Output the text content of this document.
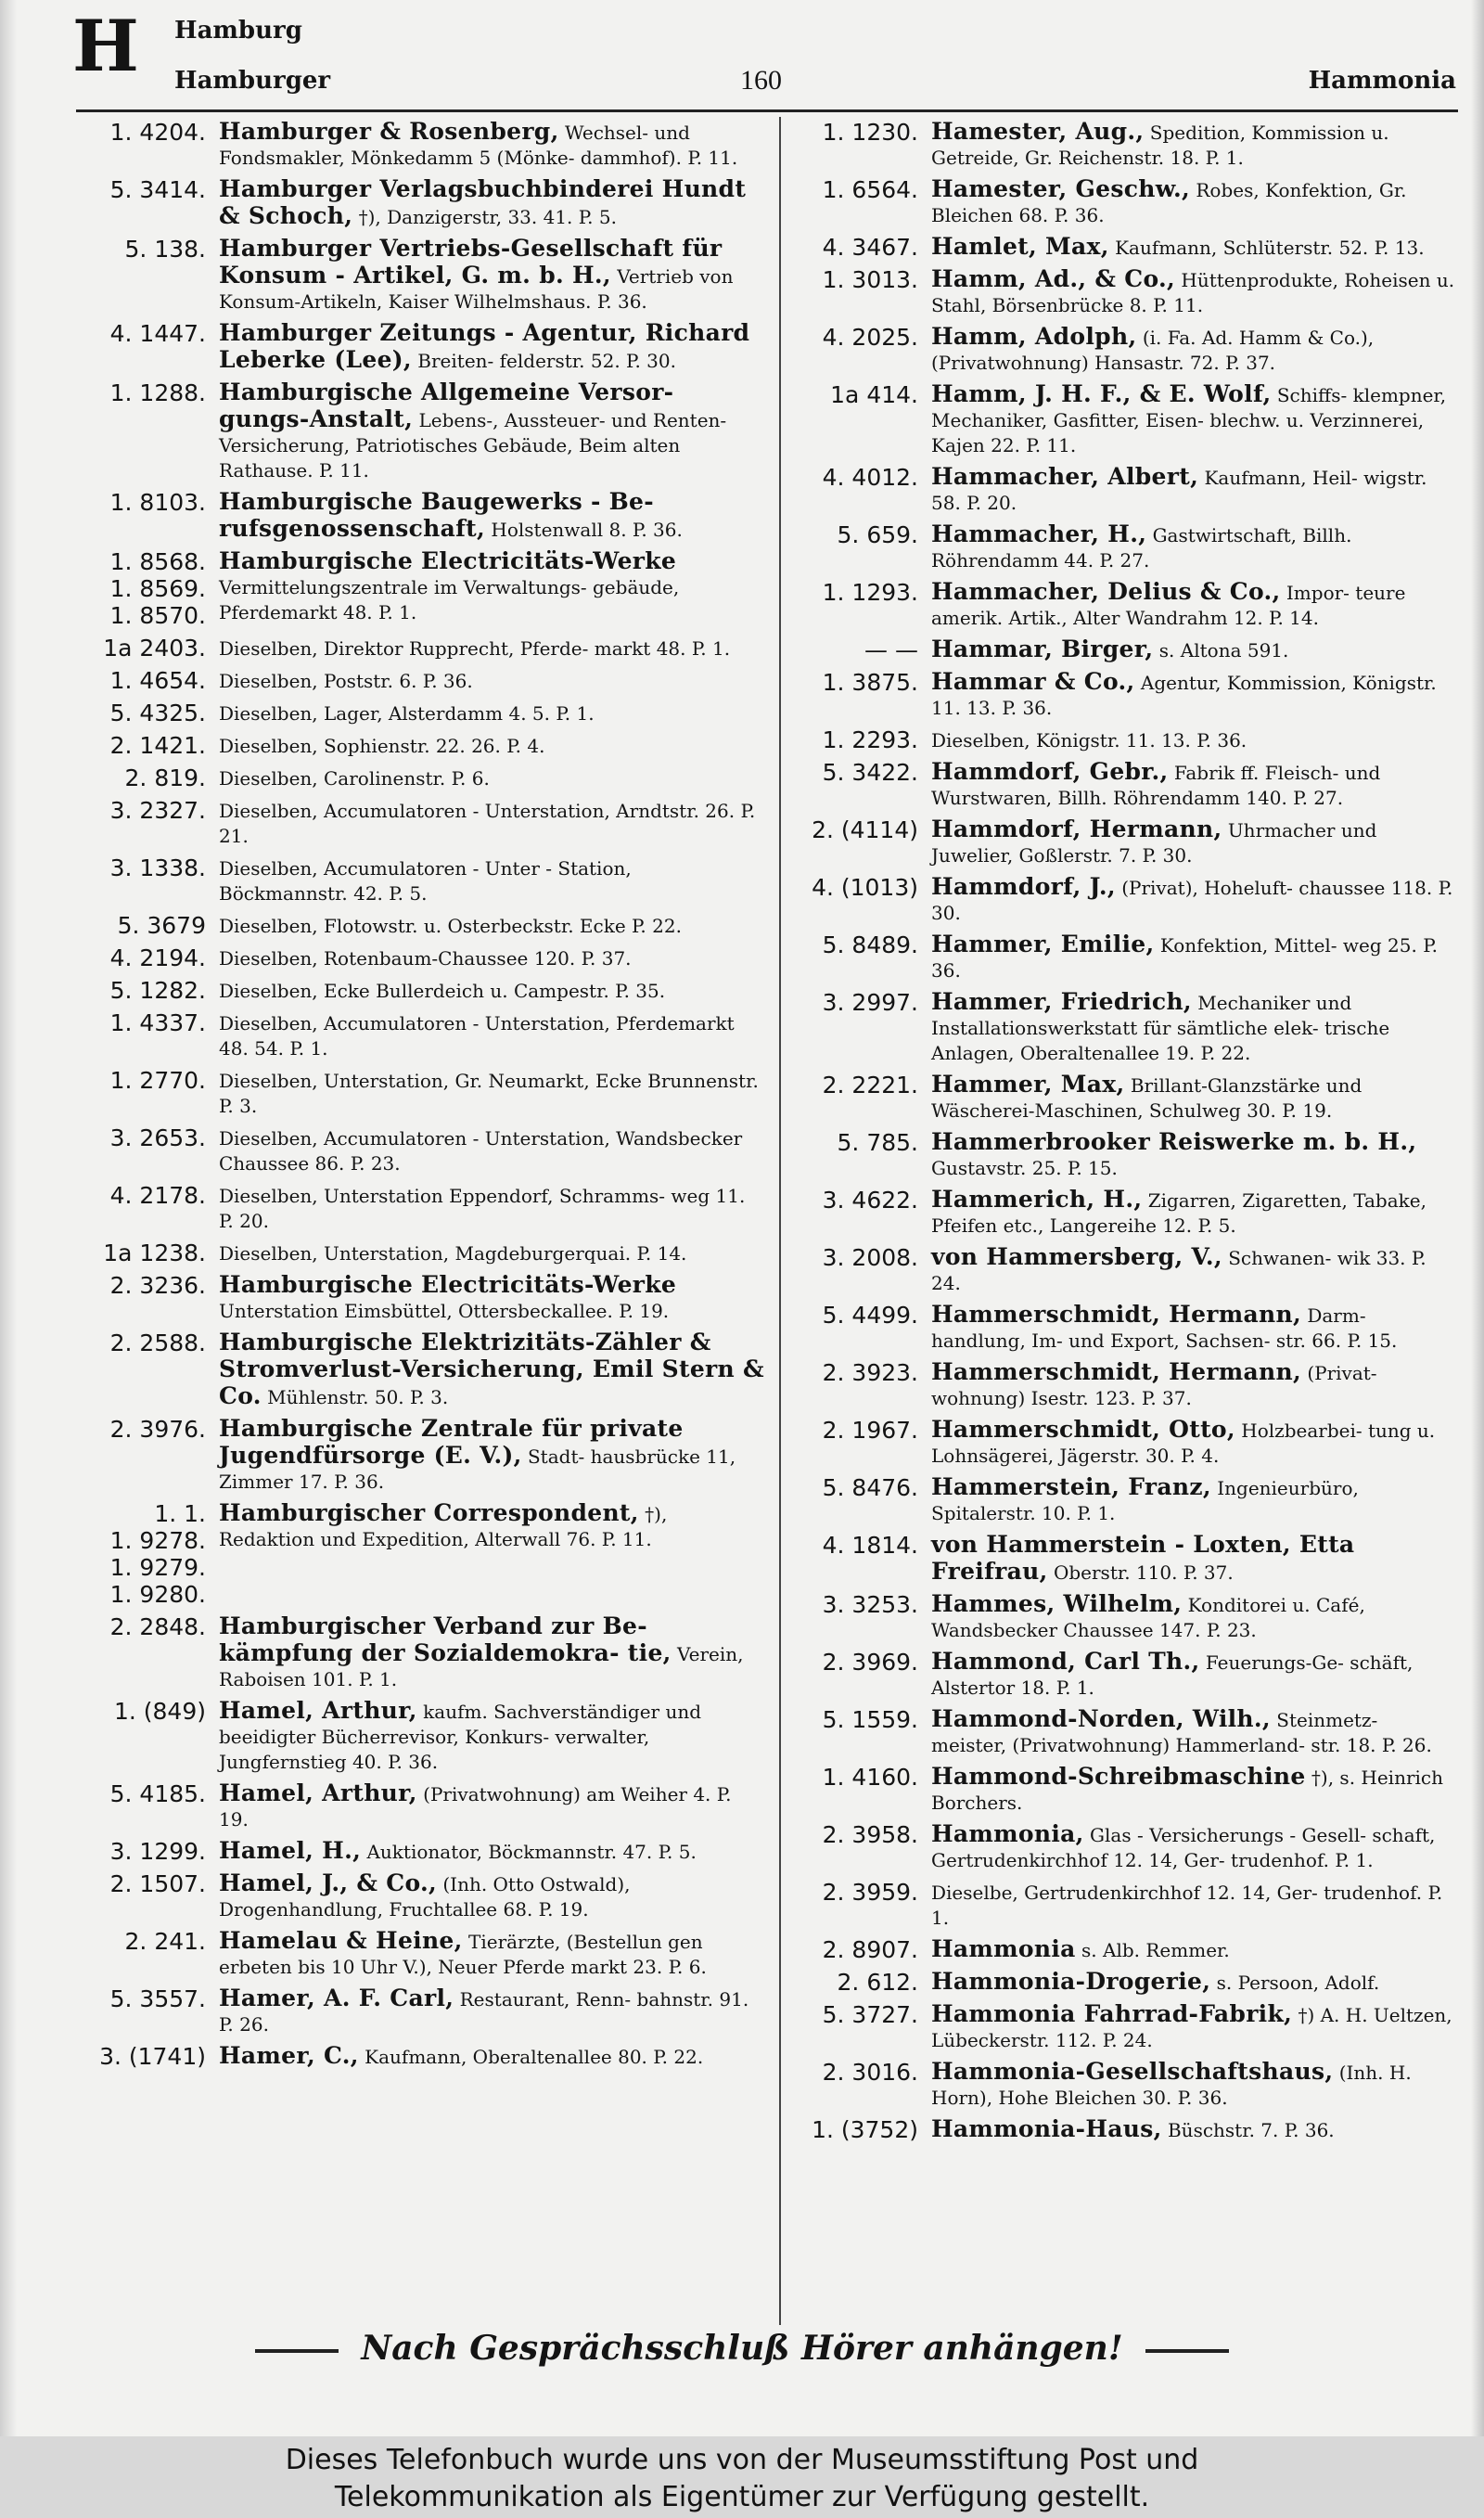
H Hamburg
Hamburger	160	Hammonia
1. 4204. Hamburger & Rosenberg, Wechsel- und Fondsmakler, Mönkedamm 5 (Mönke- dammhof). P. 11.
5. 3414. Hamburger Verlagsbuchbinderei Hundt & Schoch, †), Danzigerstr, 33. 41. P. 5.
5. 138. Hamburger Vertriebs-Gesellschaft für Konsum - Artikel, G. m. b. H., Vertrieb von Konsum-Artikeln, Kaiser Wilhelmshaus. P. 36.
4. 1447. Hamburger Zeitungs - Agentur, Richard Leberke (Lee), Breiten- felderstr. 52. P. 30.
1. 1288. Hamburgische Allgemeine Versor- gungs-Anstalt, Lebens-, Aussteuer- und Renten-Versicherung, Patriotisches Gebäude, Beim alten Rathause. P. 11.
1. 8103. Hamburgische Baugewerks - Be- rufsgenossenschaft, Holstenwall 8. P. 36.
1. 8568.
1. 8569.
1. 8570.
Hamburgische Electricitäts-Werke Vermittelungszentrale im Verwaltungs- gebäude, Pferdemarkt 48. P. 1.
1a 2403. Dieselben, Direktor Rupprecht, Pferde- markt 48. P. 1.
1. 4654. Dieselben, Poststr. 6. P. 36.
5. 4325. Dieselben, Lager, Alsterdamm 4. 5. P. 1.
2. 1421. Dieselben, Sophienstr. 22. 26. P. 4.
2. 819. Dieselben, Carolinenstr. P. 6.
3. 2327. Dieselben, Accumulatoren - Unterstation, Arndtstr. 26. P. 21.
3. 1338. Dieselben, Accumulatoren - Unter - Station, Böckmannstr. 42. P. 5.
5. 3679 Dieselben, Flotowstr. u. Osterbeckstr. Ecke P. 22.
4. 2194. Dieselben, Rotenbaum-Chaussee 120. P. 37.
5. 1282. Dieselben, Ecke Bullerdeich u. Campestr. P. 35.
1. 4337. Dieselben, Accumulatoren - Unterstation, Pferdemarkt 48. 54. P. 1.
1. 2770. Dieselben, Unterstation, Gr. Neumarkt, Ecke Brunnenstr. P. 3.
3. 2653. Dieselben, Accumulatoren - Unterstation, Wandsbecker Chaussee 86. P. 23.
4. 2178. Dieselben, Unterstation Eppendorf, Schramms- weg 11. P. 20.
1a 1238. Dieselben, Unterstation, Magdeburgerquai. P. 14.
2. 3236. Hamburgische Electricitäts-Werke Unterstation Eimsbüttel, Ottersbeckallee. P. 19.
2. 2588. Hamburgische Elektrizitäts-Zähler & Stromverlust-Versicherung, Emil Stern & Co. Mühlenstr. 50. P. 3.
2. 3976. Hamburgische Zentrale für private Jugendfürsorge (E. V.), Stadt- hausbrücke 11, Zimmer 17. P. 36.
1. 1.
1. 9278.
1. 9279.
1. 9280.
Hamburgischer Correspondent, †), Redaktion und Expedition, Alterwall 76. P. 11.
2. 2848. Hamburgischer Verband zur Be- kämpfung der Sozialdemokra- tie, Verein, Raboisen 101. P. 1.
1. (849) Hamel, Arthur, kaufm. Sachverständiger und beeidigter Bücherrevisor, Konkurs- verwalter, Jungfernstieg 40. P. 36.
5. 4185. Hamel, Arthur, (Privatwohnung) am Weiher 4. P. 19.
3. 1299. Hamel, H., Auktionator, Böckmannstr. 47. P. 5.
2. 1507. Hamel, J., & Co., (Inh. Otto Ostwald), Drogenhandlung, Fruchtallee 68. P. 19.
2. 241. Hamelau & Heine, Tierärzte, (Bestellun gen erbeten bis 10 Uhr V.), Neuer Pferde markt 23. P. 6.
5. 3557. Hamer, A. F. Carl, Restaurant, Renn- bahnstr. 91. P. 26.
3. (1741) Hamer, C., Kaufmann, Oberaltenallee 80. P. 22.
1. 1230. Hamester, Aug., Spedition, Kommission u. Getreide, Gr. Reichenstr. 18. P. 1.
1. 6564. Hamester, Geschw., Robes, Konfektion, Gr. Bleichen 68. P. 36.
4. 3467. Hamlet, Max, Kaufmann, Schlüterstr. 52. P. 13.
1. 3013. Hamm, Ad., & Co., Hüttenprodukte, Roheisen u. Stahl, Börsenbrücke 8. P. 11.
4. 2025. Hamm, Adolph, (i. Fa. Ad. Hamm & Co.), (Privatwohnung) Hansastr. 72. P. 37.
1a 414. Hamm, J. H. F., & E. Wolf, Schiffs- klempner, Mechaniker, Gasfitter, Eisen- blechw. u. Verzinnerei, Kajen 22. P. 11.
4. 4012. Hammacher, Albert, Kaufmann, Heil- wigstr. 58. P. 20.
5. 659. Hammacher, H., Gastwirtschaft, Billh. Röhrendamm 44. P. 27.
1. 1293. Hammacher, Delius & Co., Impor- teure amerik. Artik., Alter Wandrahm 12. P. 14.
— — Hammar, Birger, s. Altona 591.
1. 3875. Hammar & Co., Agentur, Kommission, Königstr. 11. 13. P. 36.
1. 2293. Dieselben, Königstr. 11. 13. P. 36.
5. 3422. Hammdorf, Gebr., Fabrik ff. Fleisch- und Wurstwaren, Billh. Röhrendamm 140. P. 27.
2. (4114) Hammdorf, Hermann, Uhrmacher und Juwelier, Goßlerstr. 7. P. 30.
4. (1013) Hammdorf, J., (Privat), Hoheluft- chaussee 118. P. 30.
5. 8489. Hammer, Emilie, Konfektion, Mittel- weg 25. P. 36.
3. 2997. Hammer, Friedrich, Mechaniker und Installationswerkstatt für sämtliche elek- trische Anlagen, Oberaltenallee 19. P. 22.
2. 2221. Hammer, Max, Brillant-Glanzstärke und Wäscherei-Maschinen, Schulweg 30. P. 19.
5. 785. Hammerbrooker Reiswerke m. b. H., Gustavstr. 25. P. 15.
3. 4622. Hammerich, H., Zigarren, Zigaretten, Tabake, Pfeifen etc., Langereihe 12. P. 5.
3. 2008. von Hammersberg, V., Schwanen- wik 33. P. 24.
5. 4499. Hammerschmidt, Hermann, Darm- handlung, Im- und Export, Sachsen- str. 66. P. 15.
2. 3923. Hammerschmidt, Hermann, (Privat- wohnung) Isestr. 123. P. 37.
2. 1967. Hammerschmidt, Otto, Holzbearbei- tung u. Lohnsägerei, Jägerstr. 30. P. 4.
5. 8476. Hammerstein, Franz, Ingenieurbüro, Spitalerstr. 10. P. 1.
4. 1814. von Hammerstein - Loxten, Etta Freifrau, Oberstr. 110. P. 37.
3. 3253. Hammes, Wilhelm, Konditorei u. Café, Wandsbecker Chaussee 147. P. 23.
2. 3969. Hammond, Carl Th., Feuerungs-Ge- schäft, Alstertor 18. P. 1.
5. 1559. Hammond-Norden, Wilh., Steinmetz- meister, (Privatwohnung) Hammerland- str. 18. P. 26.
1. 4160. Hammond-Schreibmaschine †), s. Heinrich Borchers.
2. 3958. Hammonia, Glas - Versicherungs - Gesell- schaft, Gertrudenkirchhof 12. 14, Ger- trudenhof. P. 1.
2. 3959. Dieselbe, Gertrudenkirchhof 12. 14, Ger- trudenhof. P. 1.
2. 8907. Hammonia s. Alb. Remmer.
2. 612. Hammonia-Drogerie, s. Persoon, Adolf.
5. 3727. Hammonia Fahrrad-Fabrik, †) A. H. Ueltzen, Lübeckerstr. 112. P. 24.
2. 3016. Hammonia-Gesellschaftshaus, (Inh. H. Horn), Hohe Bleichen 30. P. 36.
1. (3752) Hammonia-Haus, Büschstr. 7. P. 36.
Nach Gesprächsschluß Hörer anhängen!
Dieses Telefonbuch wurde uns von der Museumsstiftung Post und
Telekommunikation als Eigentümer zur Verfügung gestellt.
